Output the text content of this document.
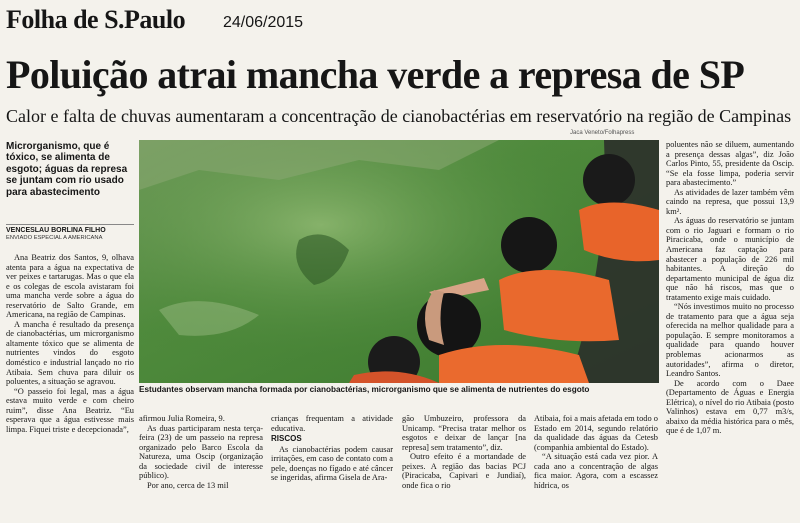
Folha de S.Paulo 24/06/2015
Poluição atrai mancha verde a represa de SP
Calor e falta de chuvas aumentaram a concentração de cianobactérias em reservatório na região de Campinas
Jaca Veneto/Folhapress
Microrganismo, que é tóxico, se alimenta de esgoto; águas da represa se juntam com rio usado para abastecimento
VENCESLAU BORLINA FILHO
ENVIADO ESPECIAL A AMERICANA

Ana Beatriz dos Santos, 9, olhava atenta para a água na expectativa de ver peixes e tartarugas. Mas o que ela e os colegas de escola avistaram foi uma mancha verde sobre a água do reservatório de Salto Grande, em Americana, na região de Campinas.

A mancha é resultado da presença de cianobactérias, um microrganismo altamente tóxico que se alimenta de nutrientes vindos do esgoto doméstico e industrial lançado no rio Atibaia. Sem chuva para diluir os poluentes, a situação se agravou.

“O passeio foi legal, mas a água estava muito verde e com cheiro ruim”, disse Ana Beatriz. “Eu esperava que a água estivesse mais limpa. Fiquei triste e decepcionada”,

Estudantes observam mancha formada por cianobactérias, microrganismo que se alimenta de nutrientes do esgoto

afirmou Julia Romeira, 9.

As duas participaram nesta terça-feira (23) de um passeio na represa organizado pelo Barco Escola da Natureza, uma Oscip (organização da sociedade civil de interesse público).

Por ano, cerca de 13 mil

crianças frequentam a atividade educativa.

RISCOS

As cianobactérias podem causar irritações, em caso de contato com a pele, doenças no fígado e até câncer se ingeridas, afirma Gisela de Ara-

gão Umbuzeiro, professora da Unicamp. “Precisa tratar melhor os esgotos e deixar de lançar [na represa] sem tratamento”, diz.

Outro efeito é a mortandade de peixes. A região das bacias PCJ (Piracicaba, Capivari e Jundiaí), onde fica o rio

Atibaia, foi a mais afetada em todo o Estado em 2014, segundo relatório da qualidade das águas da Cetesb (companhia ambiental do Estado).

“A situação está cada vez pior. A cada ano a concentração de algas fica maior. Agora, com a escassez hídrica, os

poluentes não se diluem, aumentando a presença dessas algas”, diz João Carlos Pinto, 55, presidente da Oscip. “Se ela fosse limpa, poderia servir para abastecimento.”

As atividades de lazer também vêm caindo na represa, que possui 13,9 km².

As águas do reservatório se juntam com o rio Jaguari e formam o rio Piracicaba, onde o município de Americana faz captação para abastecer a população de 226 mil habitantes. A direção do departamento municipal de água diz que não há riscos, mas que o tratamento exige mais cuidado.

“Nós investimos muito no processo de tratamento para que a água seja oferecida na melhor qualidade para a população. E sempre monitoramos a qualidade para quando houver problemas acionarmos as autoridades”, afirma o diretor, Leandro Santos.

De acordo com o Daee (Departamento de Águas e Energia Elétrica), o nível do rio Atibaia (posto Valinhos) estava em 0,77 m3/s, abaixo da média histórica para o mês, que é de 1,07 m.
